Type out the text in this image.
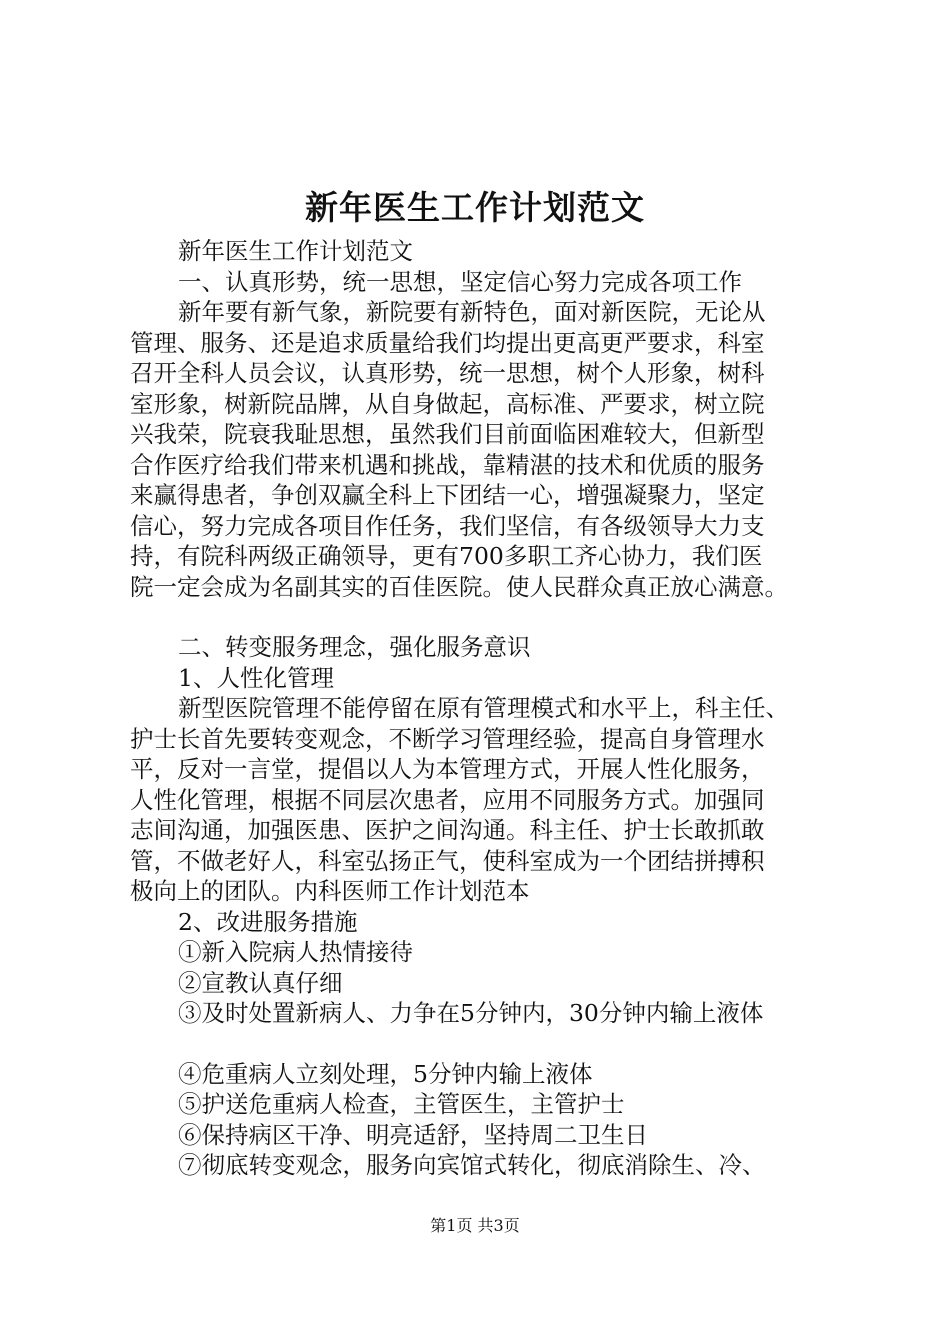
新年医生工作计划范文
新年医生工作计划范文
一、认真形势，统一思想，坚定信心努力完成各项工作
新年要有新气象，新院要有新特色，面对新医院，无论从
管理、服务、还是追求质量给我们均提出更高更严要求，科室
召开全科人员会议，认真形势，统一思想，树个人形象，树科
室形象，树新院品牌，从自身做起，高标准、严要求，树立院
兴我荣，院衰我耻思想，虽然我们目前面临困难较大，但新型
合作医疗给我们带来机遇和挑战，靠精湛的技术和优质的服务
来赢得患者，争创双赢全科上下团结一心，增强凝聚力，坚定
信心，努力完成各项目作任务，我们坚信，有各级领导大力支
持，有院科两级正确领导，更有700多职工齐心协力，我们医
院一定会成为名副其实的百佳医院。使人民群众真正放心满意。
二、转变服务理念，强化服务意识
1、人性化管理
新型医院管理不能停留在原有管理模式和水平上，科主任、
护士长首先要转变观念，不断学习管理经验，提高自身管理水
平，反对一言堂，提倡以人为本管理方式，开展人性化服务，
人性化管理，根据不同层次患者，应用不同服务方式。加强同
志间沟通，加强医患、医护之间沟通。科主任、护士长敢抓敢
管，不做老好人，科室弘扬正气，使科室成为一个团结拼搏积
极向上的团队。内科医师工作计划范本
2、改进服务措施
①新入院病人热情接待
②宣教认真仔细
③及时处置新病人、力争在5分钟内，30分钟内输上液体
④危重病人立刻处理，5分钟内输上液体
⑤护送危重病人检查，主管医生，主管护士
⑥保持病区干净、明亮适舒，坚持周二卫生日
⑦彻底转变观念，服务向宾馆式转化，彻底消除生、冷、
第1页 共3页
